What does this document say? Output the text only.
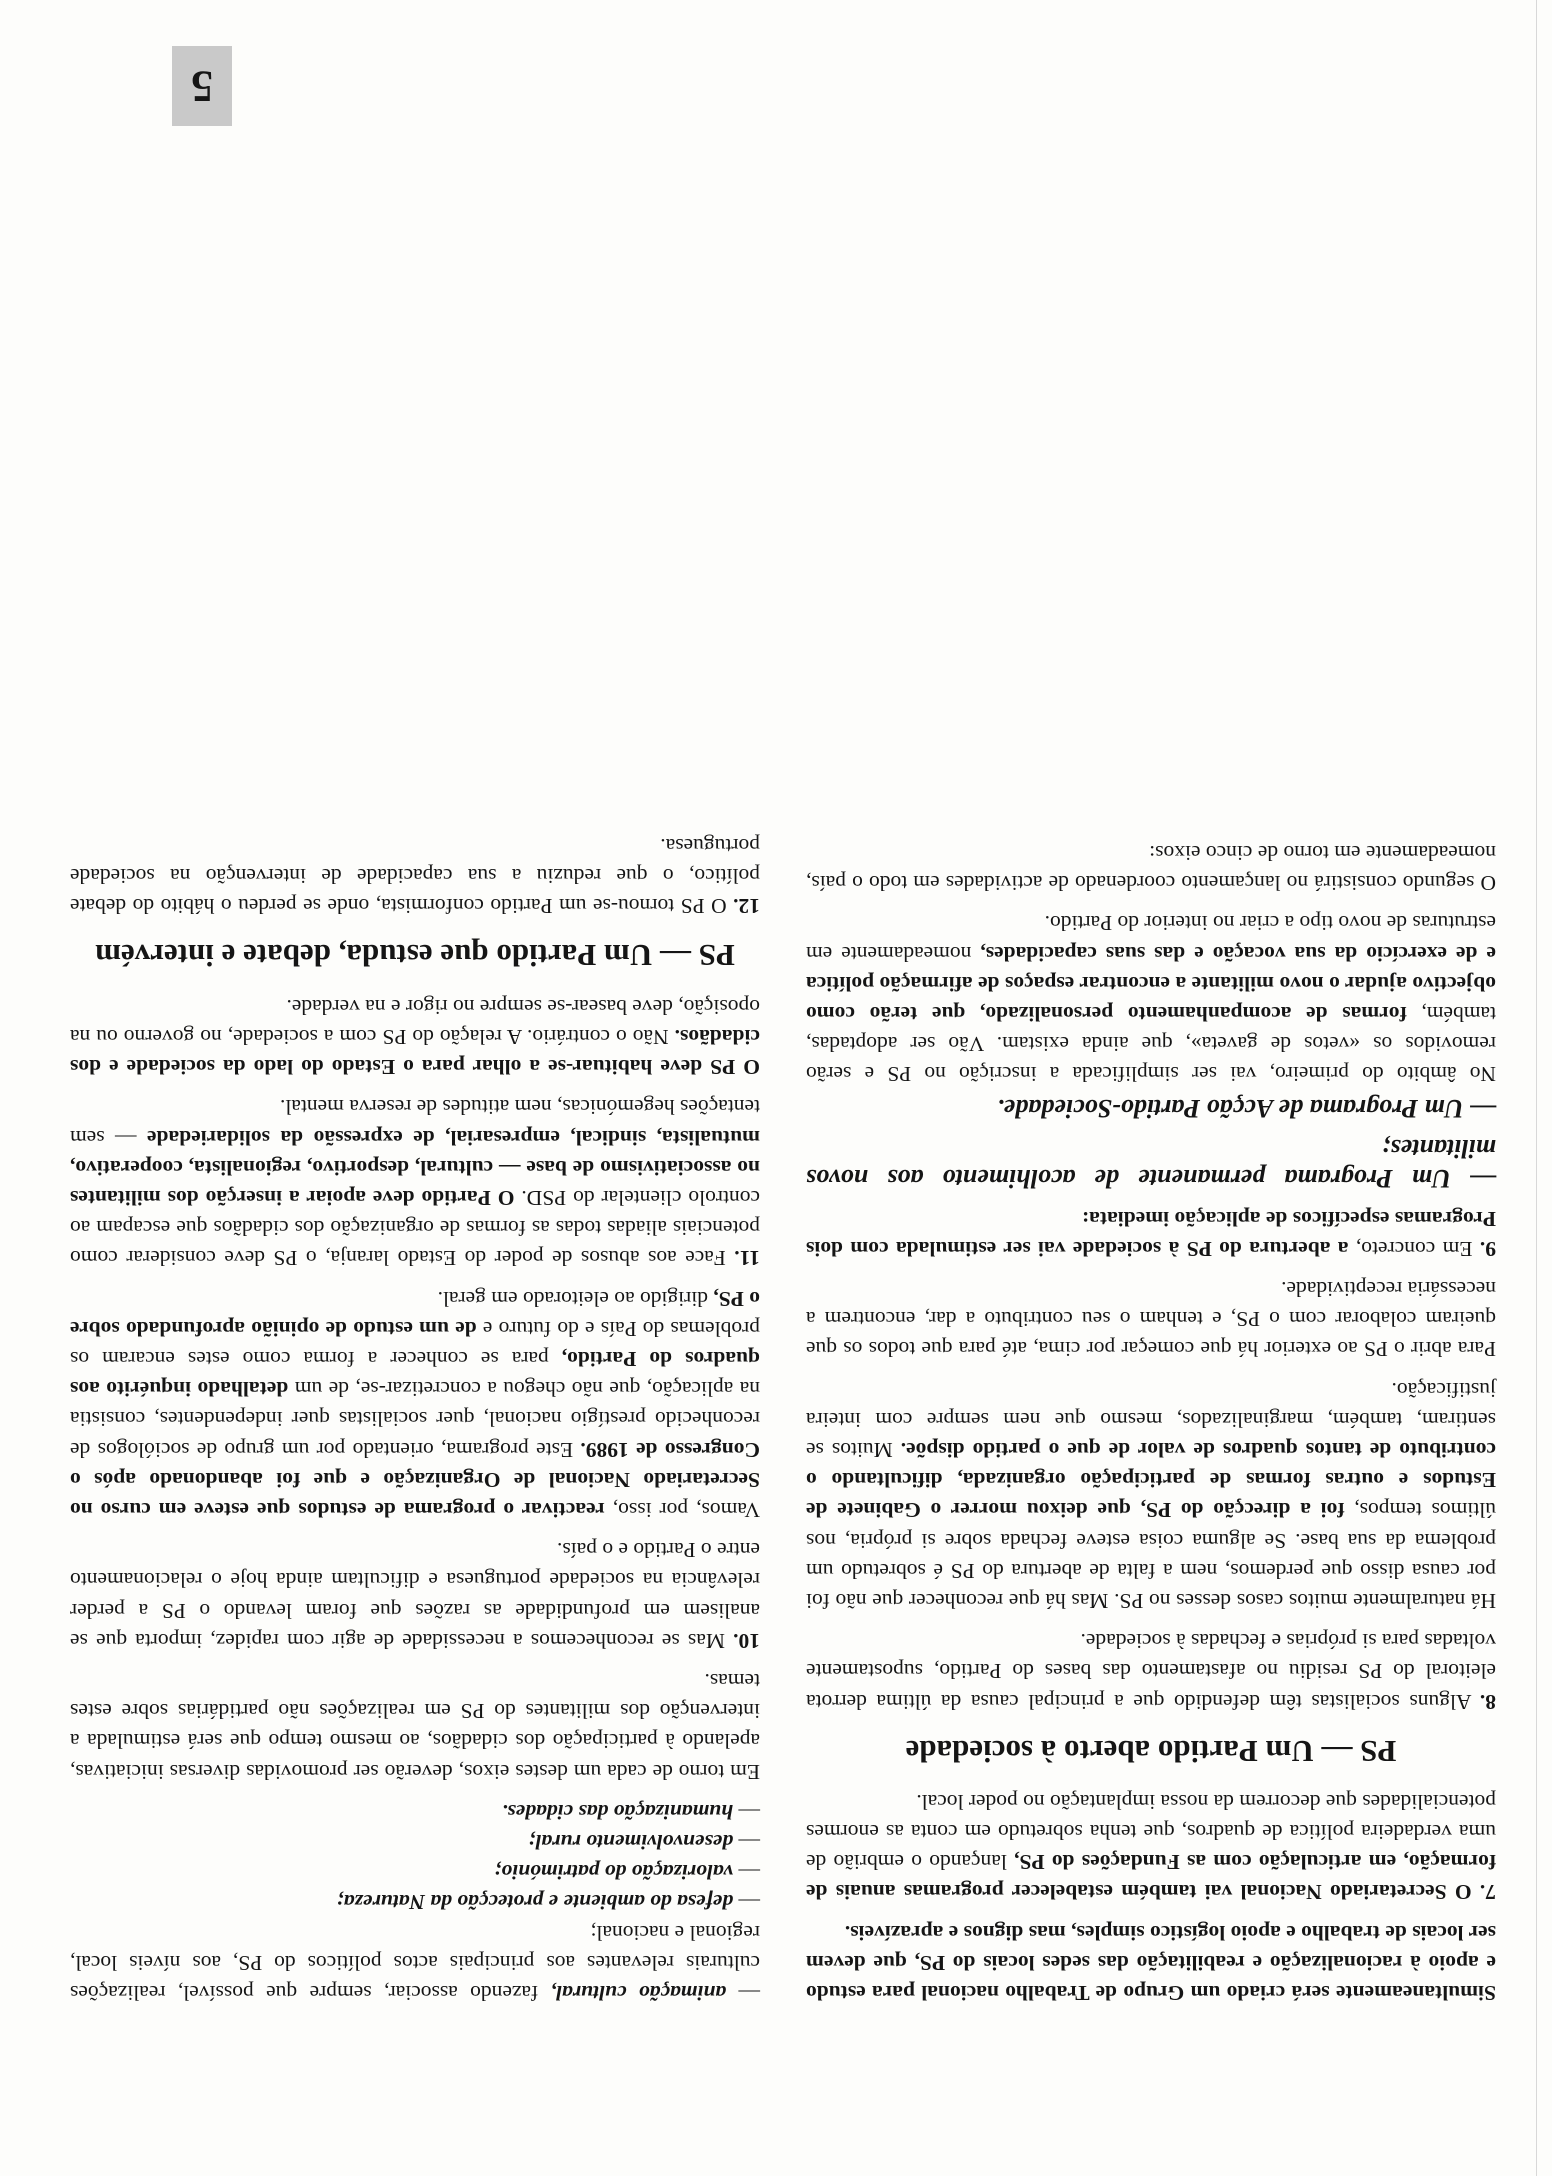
Simultaneamente será criado um Grupo de Trabalho nacional para estudo e apoio à racionalização e reabilitação das sedes locais do PS, que devem ser locais de trabalho e apoio logístico simples, mas dignos e aprazíveis.

7. O Secretariado Nacional vai também estabelecer programas anuais de formação, em articulação com as Fundações do PS, lançando o embrião de uma verdadeira política de quadros, que tenha sobretudo em conta as enormes potencialidades que decorrem da nossa implantação no poder local.

PS — Um Partido aberto à sociedade

8. Alguns socialistas têm defendido que a principal causa da última derrota eleitoral do PS residiu no afastamento das bases do Partido, supostamente voltadas para si próprias e fechadas à sociedade.

Há naturalmente muitos casos desses no PS. Mas há que reconhecer que não foi por causa disso que perdemos, nem a falta de abertura do PS é sobretudo um problema da sua base. Se alguma coisa esteve fechada sobre si própria, nos últimos tempos, foi a direcção do PS, que deixou morrer o Gabinete de Estudos e outras formas de participação organizada, dificultando o contributo de tantos quadros de valor de que o partido dispõe. Muitos se sentiram, também, marginalizados, mesmo que nem sempre com inteira justificação.

Para abrir o PS ao exterior há que começar por cima, até para que todos os que queiram colaborar com o PS, e tenham o seu contributo a dar, encontrem a necessária receptividade.

9. Em concreto, a abertura do PS à sociedade vai ser estimulada com dois Programas específicos de aplicação imediata:

— Um Programa permanente de acolhimento aos novos militantes;
— Um Programa de Acção Partido-Sociedade.

No âmbito do primeiro, vai ser simplificada a inscrição no PS e serão removidos os «vetos de gaveta», que ainda existam. Vão ser adoptadas, também, formas de acompanhamento personalizado, que terão como objectivo ajudar o novo militante a encontrar espaços de afirmação política e de exercício da sua vocação e das suas capacidades, nomeadamente em estruturas de novo tipo a criar no interior do Partido.

O segundo consistirá no lançamento coordenado de actividades em todo o país, nomeadamente em torno de cinco eixos:

— animação cultural, fazendo associar, sempre que possível, realizações culturais relevantes aos principais actos políticos do PS, aos níveis local, regional e nacional;
— defesa do ambiente e protecção da Natureza;
— valorização do património;
— desenvolvimento rural;
— humanização das cidades.

Em torno de cada um destes eixos, deverão ser promovidas diversas iniciativas, apelando à participação dos cidadãos, ao mesmo tempo que será estimulada a intervenção dos militantes do PS em realizações não partidárias sobre estes temas.

10. Mas se reconhecemos a necessidade de agir com rapidez, importa que se analisem em profundidade as razões que foram levando o PS a perder relevância na sociedade portuguesa e dificultam ainda hoje o relacionamento entre o Partido e o país.

Vamos, por isso, reactivar o programa de estudos que esteve em curso no Secretariado Nacional de Organização e que foi abandonado após o Congresso de 1989. Este programa, orientado por um grupo de sociólogos de reconhecido prestígio nacional, quer socialistas quer independentes, consistia na aplicação, que não chegou a concretizar-se, de um detalhado inquérito aos quadros do Partido, para se conhecer a forma como estes encaram os problemas do País e do futuro e de um estudo de opinião aprofundado sobre o PS, dirigido ao eleitorado em geral.

11. Face aos abusos de poder do Estado laranja, o PS deve considerar como potenciais aliadas todas as formas de organização dos cidadãos que escapam ao controlo clientelar do PSD. O Partido deve apoiar a inserção dos militantes no associativismo de base — cultural, desportivo, regionalista, cooperativo, mutualista, sindical, empresarial, de expressão da solidariedade — sem tentações hegemónicas, nem atitudes de reserva mental.

O PS deve habituar-se a olhar para o Estado do lado da sociedade e dos cidadãos. Não o contrário. A relação do PS com a sociedade, no governo ou na oposição, deve basear-se sempre no rigor e na verdade.

PS — Um Partido que estuda, debate e intervém

12. O PS tornou-se um Partido conformista, onde se perdeu o hábito do debate político, o que reduziu a sua capacidade de intervenção na sociedade portuguesa.

5
